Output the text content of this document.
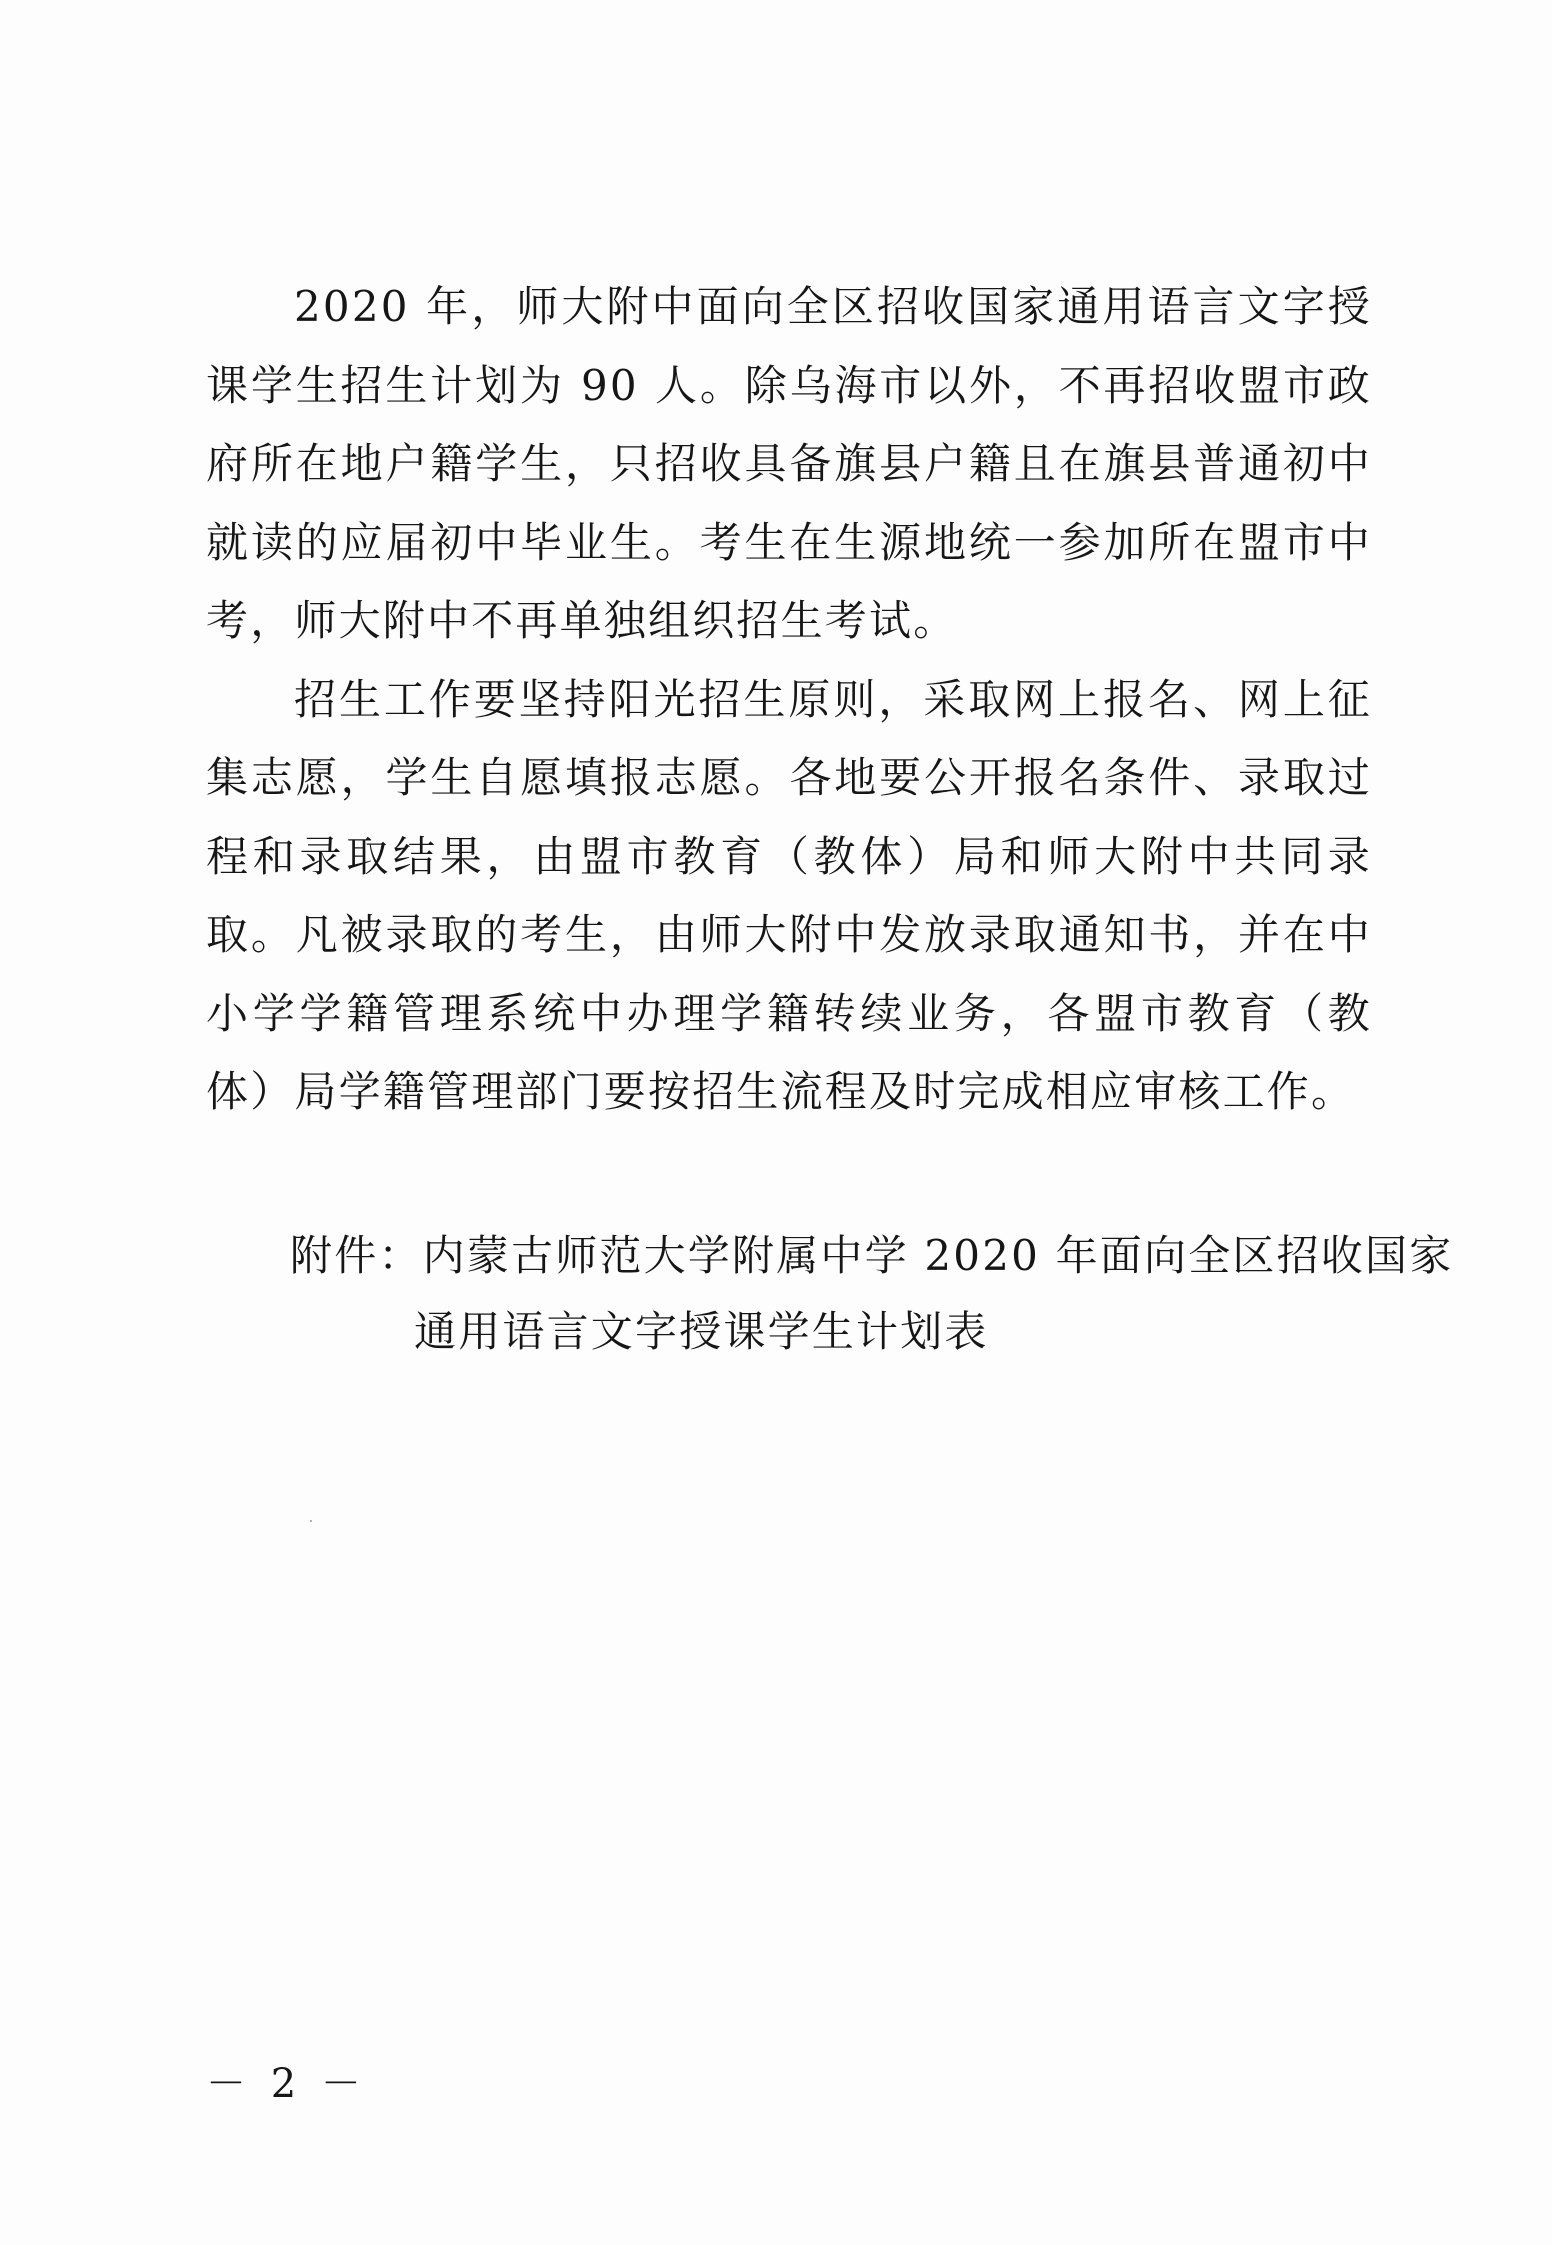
2020 年，师大附中面向全区招收国家通用语言文字授课学生招生计划为 90 人。除乌海市以外，不再招收盟市政府所在地户籍学生，只招收具备旗县户籍且在旗县普通初中就读的应届初中毕业生。考生在生源地统一参加所在盟市中考，师大附中不再单独组织招生考试。

招生工作要坚持阳光招生原则，采取网上报名、网上征集志愿，学生自愿填报志愿。各地要公开报名条件、录取过程和录取结果，由盟市教育（教体）局和师大附中共同录取。凡被录取的考生，由师大附中发放录取通知书，并在中小学学籍管理系统中办理学籍转续业务，各盟市教育（教体）局学籍管理部门要按招生流程及时完成相应审核工作。

附件：内蒙古师范大学附属中学 2020 年面向全区招收国家
通用语言文字授课学生计划表
－ 2 －
